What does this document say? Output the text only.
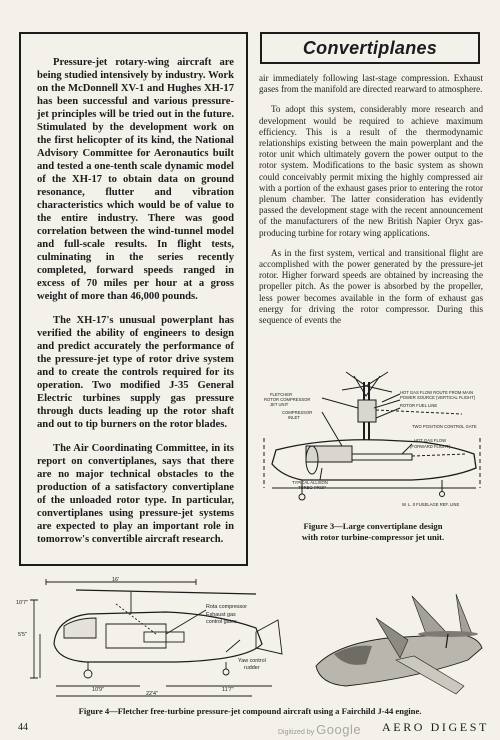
Pressure-jet rotary-wing aircraft are being studied intensively by industry. Work on the McDonnell XV-1 and Hughes XH-17 has been successful and various pressure-jet principles will be tried out in the future. Stimulated by the development work on the first helicopter of its kind, the National Advisory Committee for Aeronautics built and tested a one-tenth scale dynamic model of the XH-17 to obtain data on ground resonance, flutter and vibration characteristics which would be of value to the entire industry. There was good correlation between the wind-tunnel model and full-scale results. In flight tests, culminating in the series recently completed, forward speeds ranged in excess of 70 miles per hour at a gross weight of more than 46,000 pounds.

The XH-17's unusual powerplant has verified the ability of engineers to design and predict accurately the performance of the pressure-jet type of rotor drive system and to create the controls required for its operation. Two modified J-35 General Electric turbines supply gas pressure through ducts leading up the rotor shaft and out to tip burners on the rotor blades.

The Air Coordinating Committee, in its report on convertiplanes, says that there are no major technical obstacles to the production of a satisfactory convertiplane of the unloaded rotor type. In particular, convertiplanes using pressure-jet systems are expected to play an important role in tomorrow's convertible aircraft research.

Convertiplanes

air immediately following last-stage compression. Exhaust gases from the manifold are directed rearward to atmosphere.

To adopt this system, considerably more research and development would be required to achieve maximum efficiency. This is a result of the thermodynamic relationships existing between the main powerplant and the rotor unit which ultimately govern the power output to the rotor system. Modifications to the basic system as shown could conceivably permit mixing the highly compressed air with a portion of the exhaust gases prior to entering the rotor plenum chamber. The latter consideration has evidently passed the development stage with the recent announcement of the manufacturers of the new British Napier Oryx gas-producing turbine for rotary wing applications.

As in the first system, vertical and transitional flight are accomplished with the power generated by the pressure-jet rotor. Higher forward speeds are obtained by increasing the propeller pitch. As the power is absorbed by the propeller, less power becomes available in the form of exhaust gas energy for driving the rotor compressor. During this sequence of events the

HOT GAS FLOW ROUTE FROM MAIN
POWER SOURCE (VERTICAL FLIGHT)
ROTOR FUEL LINE
FLETCHER
ROTOR COMPRESSOR
JET UNIT
COMPRESSOR
INLET
TWO POSITION CONTROL GATE
HOT GAS FLOW
(FORWARD FLIGHT)
TYPICAL ALLISON
TURBO-PROP
W. L. 0 FUSELAGE REF. LINE
Figure 3—Large convertiplane design
with rotor turbine-compressor jet unit.
16'
10'7"
5'5"
10'9"
22'4"
11'7"
Rota compressor
Exhaust gas
control gates
Yaw control
rudder
Figure 4—Fletcher free-turbine pressure-jet compound aircraft using a Fairchild J-44 engine.
44	Digitized by Google AERO DIGEST
